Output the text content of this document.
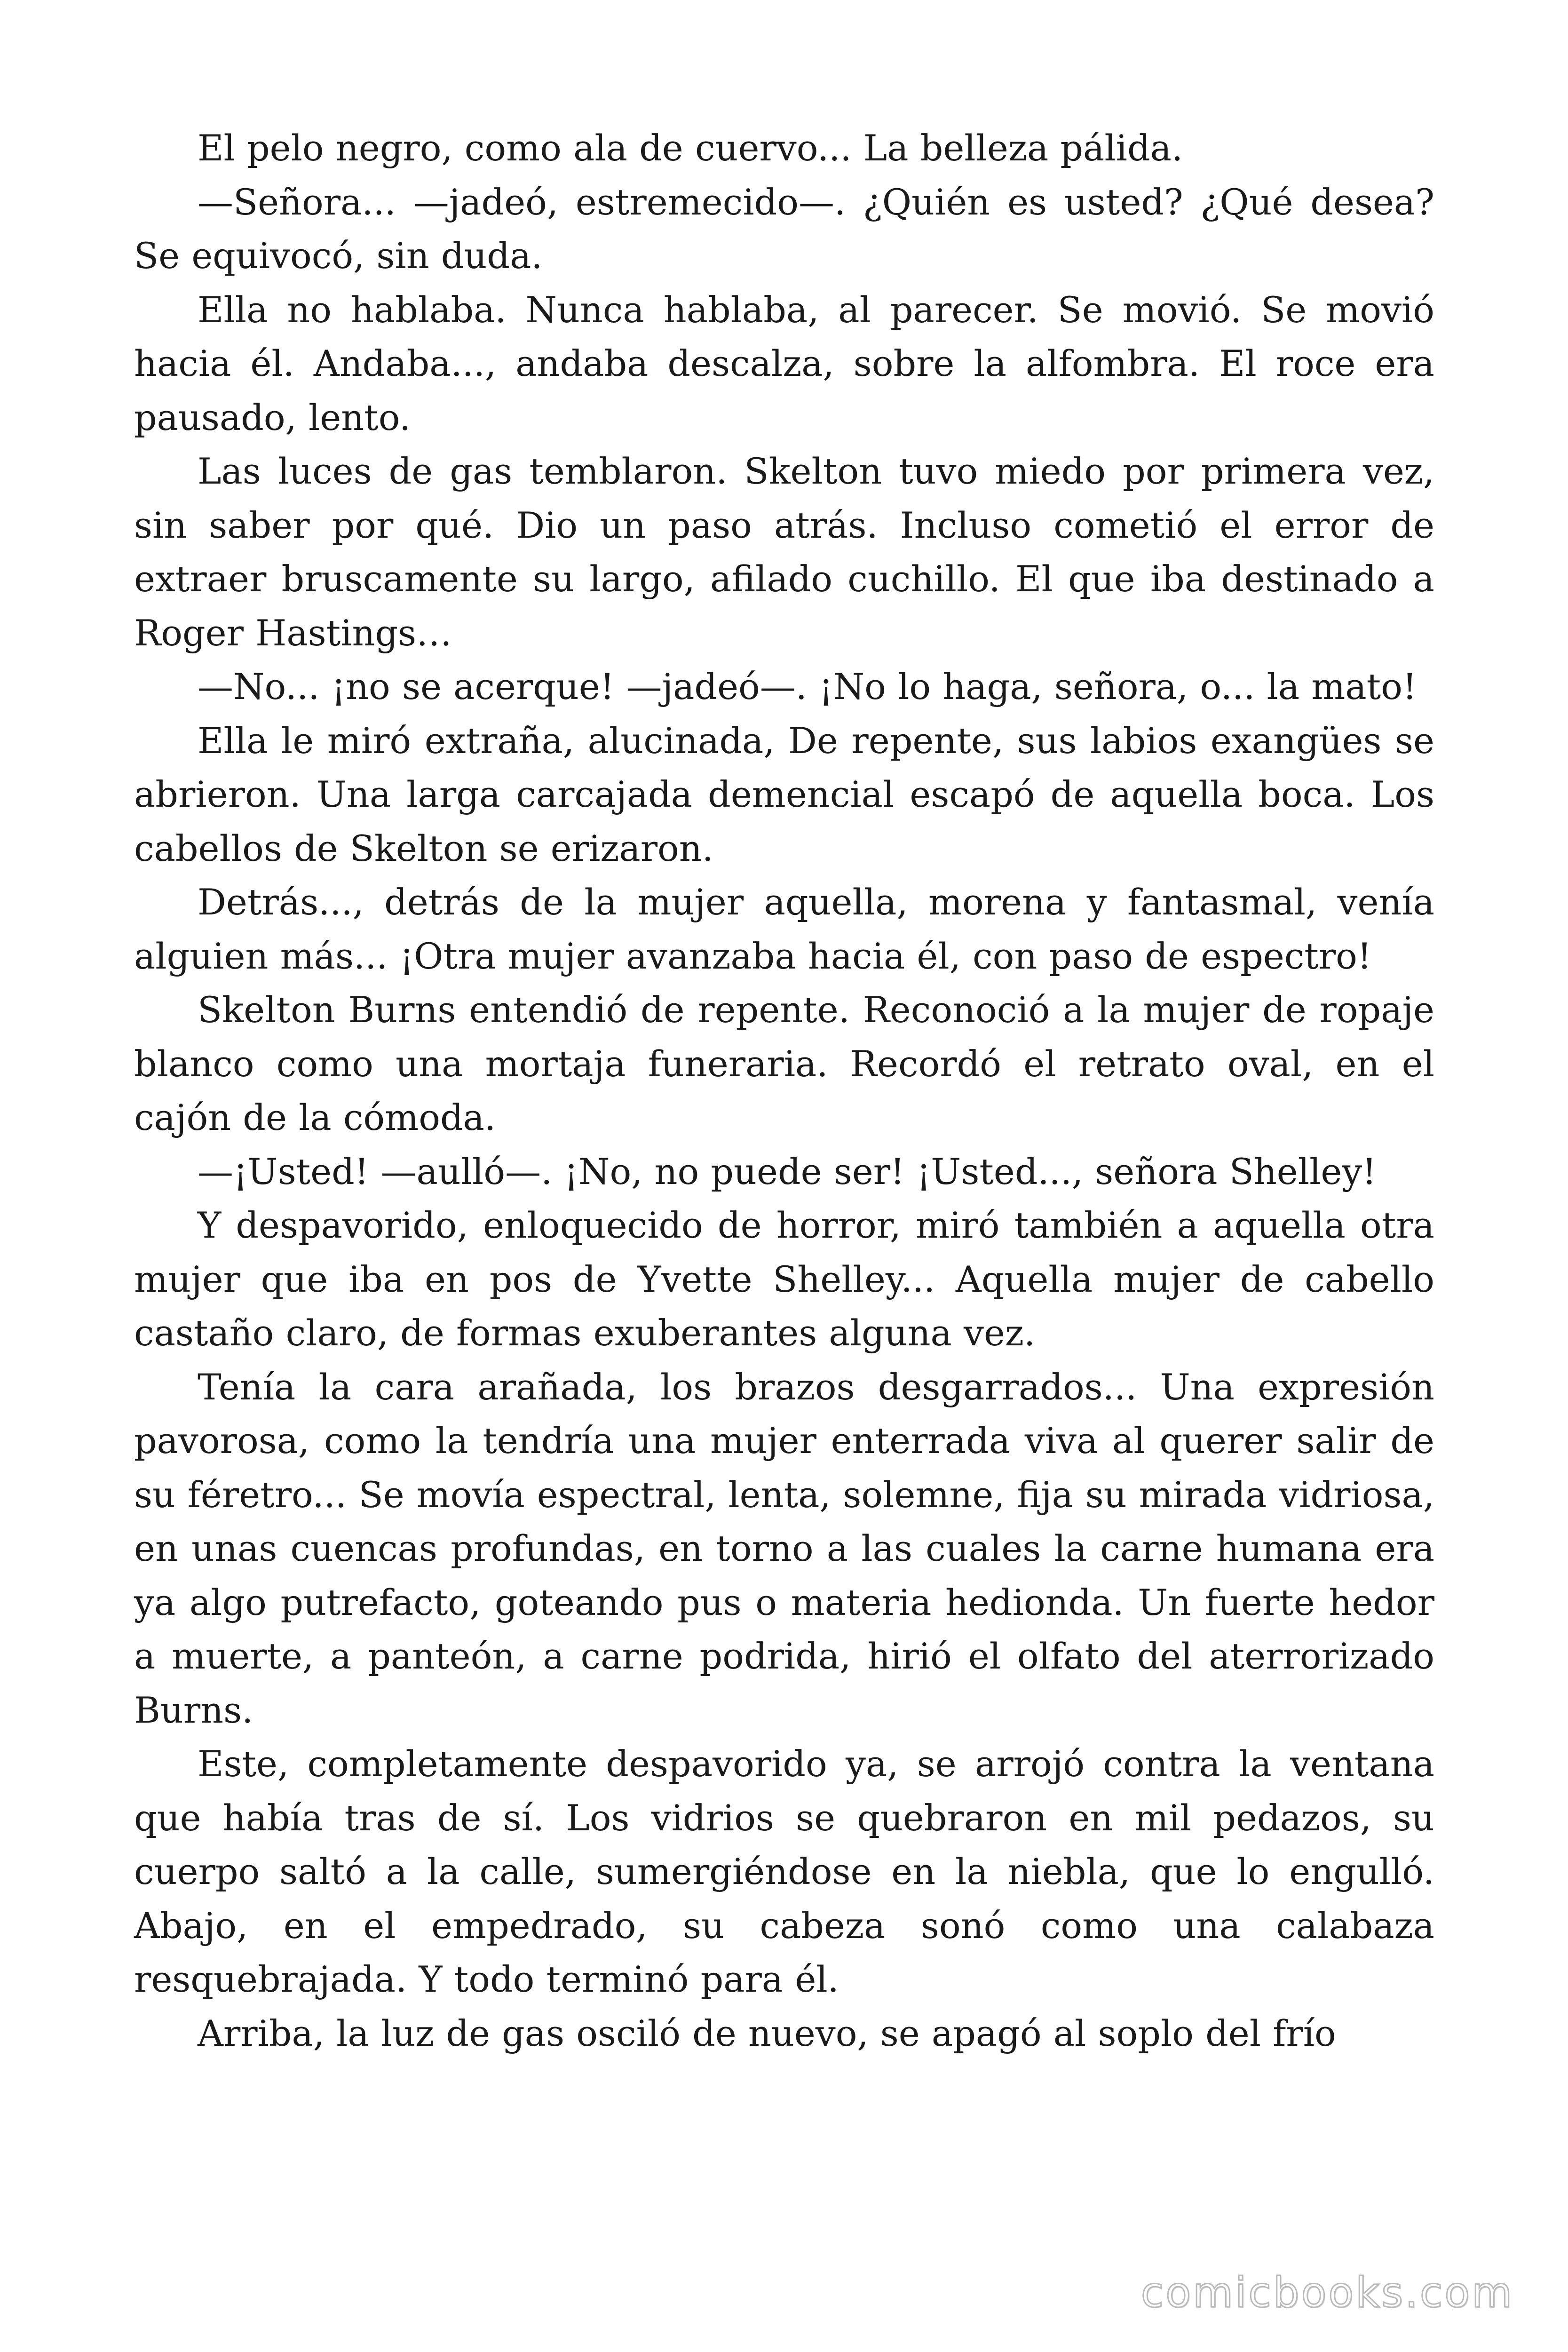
El pelo negro, como ala de cuervo... La belleza pálida.

—Señora... —jadeó, estremecido—. ¿Quién es usted? ¿Qué desea? Se equivocó, sin duda.

Ella no hablaba. Nunca hablaba, al parecer. Se movió. Se movió hacia él. Andaba..., andaba descalza, sobre la alfombra. El roce era pausado, lento.

Las luces de gas temblaron. Skelton tuvo miedo por primera vez, sin saber por qué. Dio un paso atrás. Incluso cometió el error de extraer bruscamente su largo, afilado cuchillo. El que iba destinado a Roger Hastings…

—No... ¡no se acerque! —jadeó—. ¡No lo haga, señora, o... la mato!

Ella le miró extraña, alucinada, De repente, sus labios exangües se abrieron. Una larga carcajada demencial escapó de aquella boca. Los cabellos de Skelton se erizaron.

Detrás..., detrás de la mujer aquella, morena y fantasmal, venía alguien más... ¡Otra mujer avanzaba hacia él, con paso de espectro!

Skelton Burns entendió de repente. Reconoció a la mujer de ropaje blanco como una mortaja funeraria. Recordó el retrato oval, en el cajón de la cómoda.

—¡Usted! —aulló—. ¡No, no puede ser! ¡Usted..., señora Shelley!

Y despavorido, enloquecido de horror, miró también a aquella otra mujer que iba en pos de Yvette Shelley... Aquella mujer de cabello castaño claro, de formas exuberantes alguna vez.

Tenía la cara arañada, los brazos desgarrados... Una expresión pavorosa, como la tendría una mujer enterrada viva al querer salir de su féretro... Se movía espectral, lenta, solemne, fija su mirada vidriosa, en unas cuencas profundas, en torno a las cuales la carne humana era ya algo putrefacto, goteando pus o materia hedionda. Un fuerte hedor a muerte, a panteón, a carne podrida, hirió el olfato del aterrorizado Burns.

Este, completamente despavorido ya, se arrojó contra la ventana que había tras de sí. Los vidrios se quebraron en mil pedazos, su cuerpo saltó a la calle, sumergiéndose en la niebla, que lo engulló. Abajo, en el empedrado, su cabeza sonó como una calabaza resquebrajada. Y todo terminó para él.

Arriba, la luz de gas osciló de nuevo, se apagó al soplo del frío

comicbooks.com
